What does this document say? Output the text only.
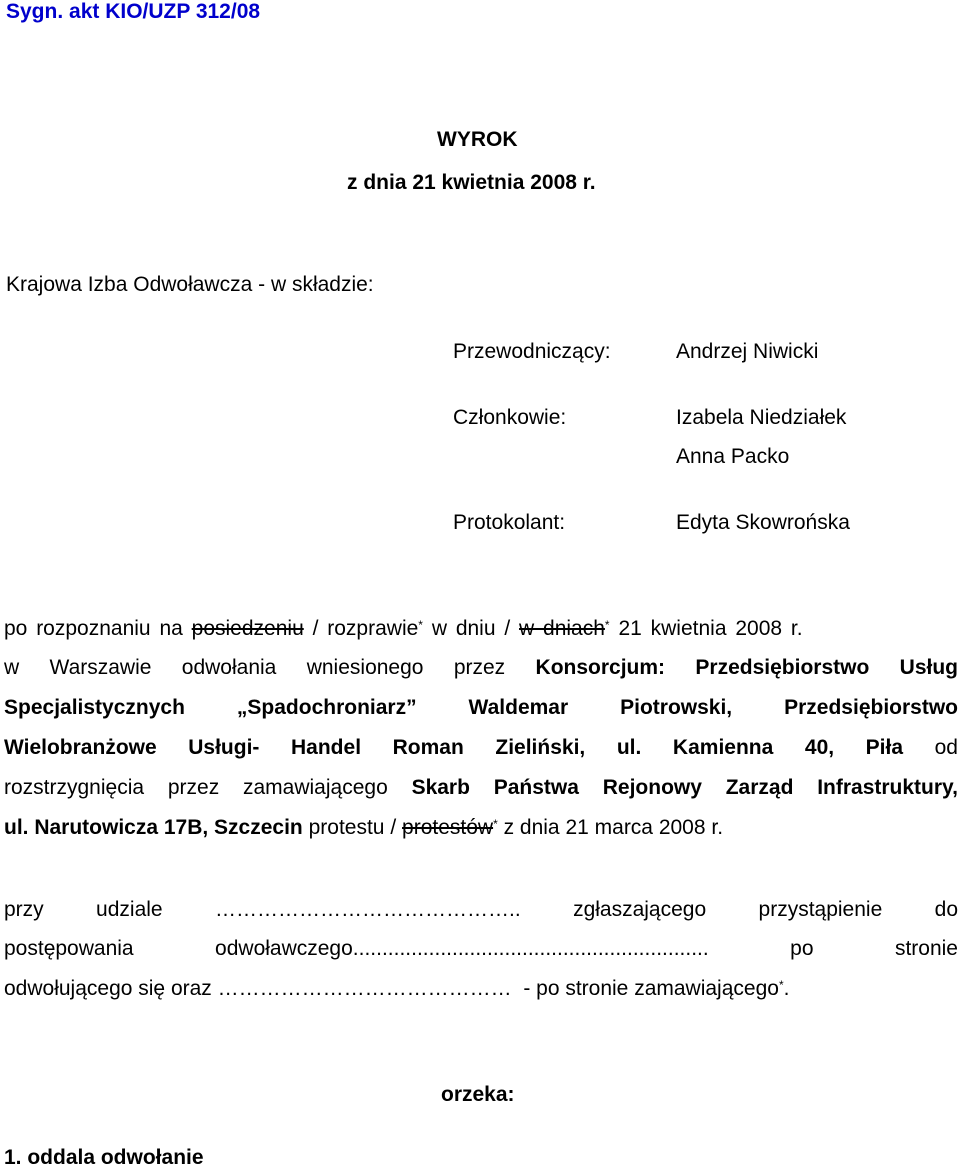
Sygn. akt KIO/UZP 312/08
WYROK
z dnia 21 kwietnia 2008 r.
Krajowa Izba Odwoławcza - w składzie:
Przewodniczący:	Andrzej Niwicki
Członkowie:	Izabela Niedziałek
Anna Packo
Protokolant:	Edyta Skowrońska
po rozpoznaniu na posiedzeniu / rozprawie* w dniu / w dniach* 21 kwietnia 2008 r.
w Warszawie odwołania wniesionego przez Konsorcjum: Przedsiębiorstwo Usług
Specjalistycznych „Spadochroniarz” Waldemar Piotrowski, Przedsiębiorstwo
Wielobranżowe Usługi- Handel Roman Zieliński, ul. Kamienna 40, Piła od
rozstrzygnięcia przez zamawiającego Skarb Państwa Rejonowy Zarząd Infrastruktury,
ul. Narutowicza 17B, Szczecin protestu / protestów* z dnia 21 marca 2008 r.
przy udziale …………………………………….. zgłaszającego przystąpienie do
postępowania odwoławczego.............................................................	po stronie
odwołującego się oraz …………………………………… - po stronie zamawiającego*.
orzeka:
1. oddala odwołanie
